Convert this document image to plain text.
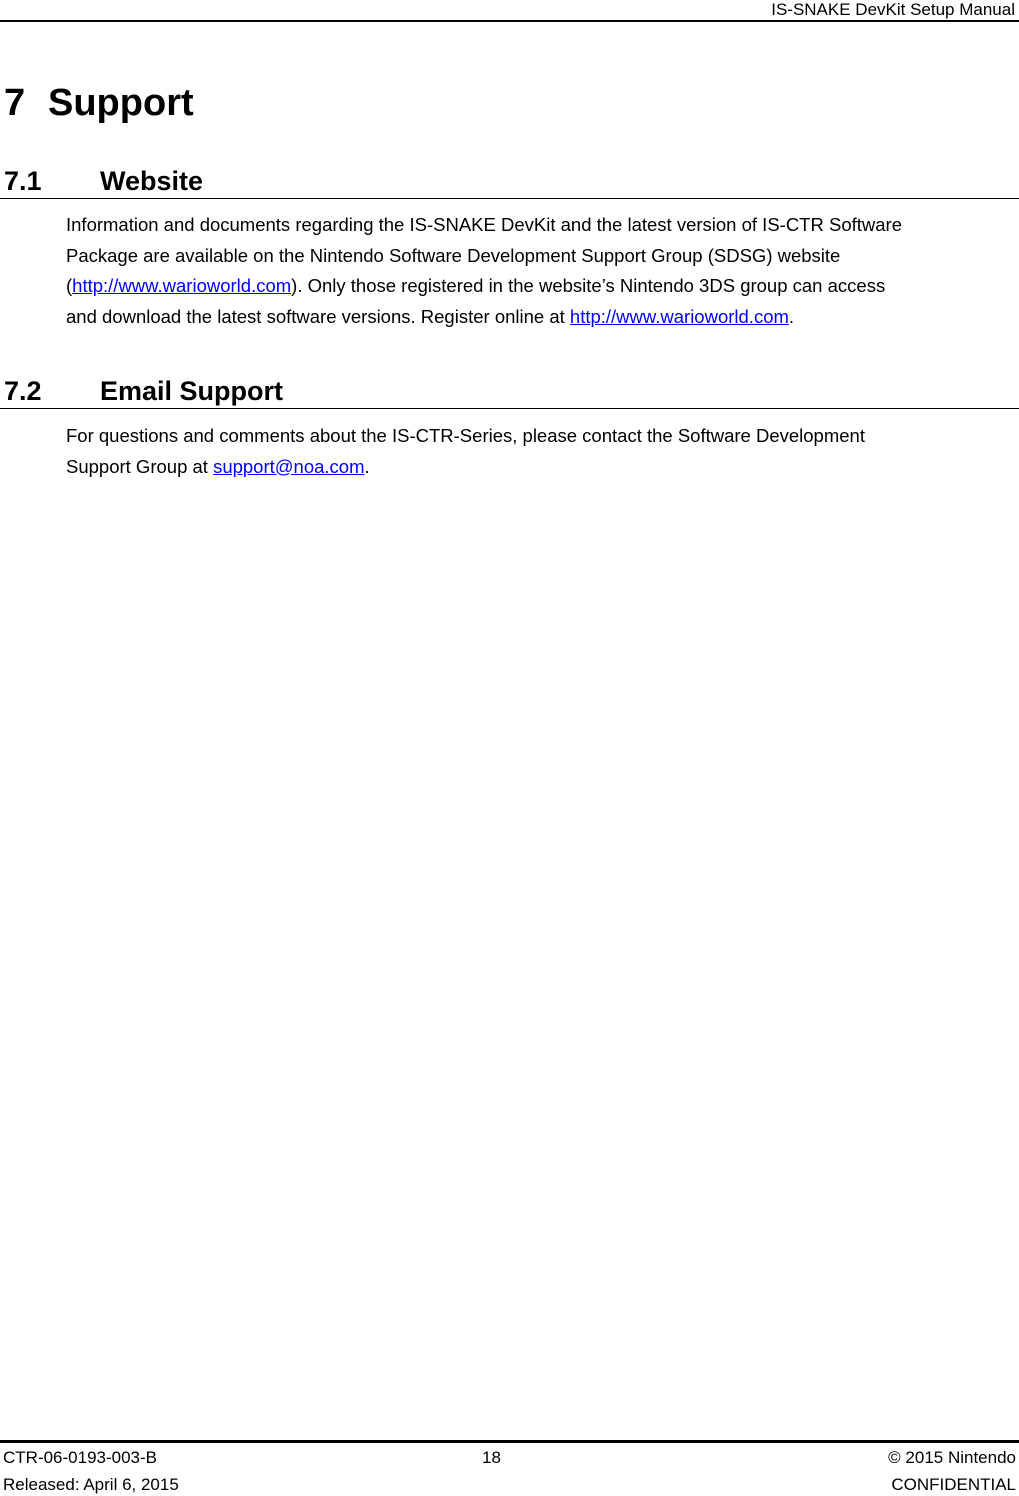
IS-SNAKE DevKit Setup Manual
7 Support
7.1 Website
Information and documents regarding the IS-SNAKE DevKit and the latest version of IS-CTR Software
Package are available on the Nintendo Software Development Support Group (SDSG) website
(http://www.warioworld.com). Only those registered in the website’s Nintendo 3DS group can access
and download the latest software versions. Register online at http://www.warioworld.com.
7.2 Email Support
For questions and comments about the IS-CTR-Series, please contact the Software Development
Support Group at support@noa.com.
CTR-06-0193-003-B
Released: April 6, 2015
18	© 2015 Nintendo
CONFIDENTIAL
